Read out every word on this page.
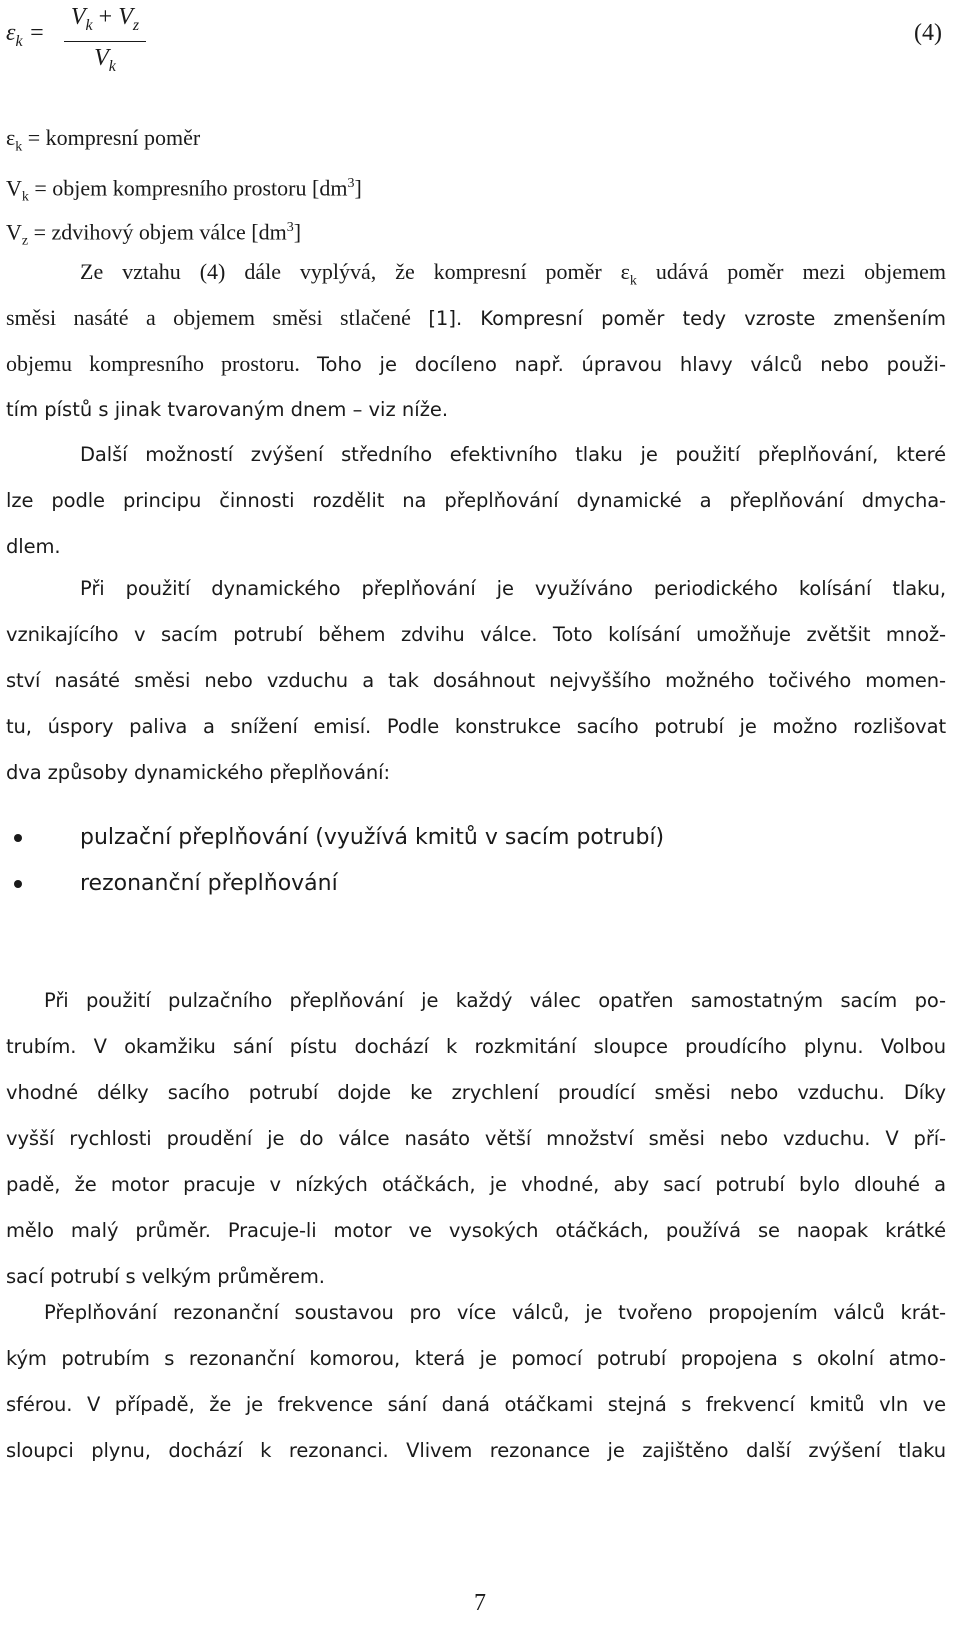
$\varepsilon_k$ =
$V_k + V_z$
$V_k$
(4)
$\varepsilon_k$ = kompresní poměr
$V_k$ = objem kompresního prostoru $[dm^3]$
$V_z$ = zdvihový objem válce $[dm^3]$
Ze vztahu (4) dále vyplývá, že kompresní poměr $\varepsilon_k$ udává poměr mezi objemem
směsi nasáté a objemem směsi stlačené [1]. Kompresní poměr tedy vzroste zmenšením
objemu kompresního prostoru. Toho je docíleno např. úpravou hlavy válců nebo použi-
tím pístů s jinak tvarovaným dnem – viz níže.
Další možností zvýšení středního efektivního tlaku je použití přeplňování, které
lze podle principu činnosti rozdělit na přeplňování dynamické a přeplňování dmycha-
dlem.
Při použití dynamického přeplňování je využíváno periodického kolísání tlaku,
vznikajícího v sacím potrubí během zdvihu válce. Toto kolísání umožňuje zvětšit množ-
ství nasáté směsi nebo vzduchu a tak dosáhnout nejvyššího možného točivého momen-
tu, úspory paliva a snížení emisí. Podle konstrukce sacího potrubí je možno rozlišovat
dva způsoby dynamického přeplňování:
pulzační přeplňování (využívá kmitů v sacím potrubí)
rezonanční přeplňování
Při použití pulzačního přeplňování je každý válec opatřen samostatným sacím po-
trubím. V okamžiku sání pístu dochází k rozkmitání sloupce proudícího plynu. Volbou
vhodné délky sacího potrubí dojde ke zrychlení proudící směsi nebo vzduchu. Díky
vyšší rychlosti proudění je do válce nasáto větší množství směsi nebo vzduchu. V pří-
padě, že motor pracuje v nízkých otáčkách, je vhodné, aby sací potrubí bylo dlouhé a
mělo malý průměr. Pracuje-li motor ve vysokých otáčkách, používá se naopak krátké
sací potrubí s velkým průměrem.
Přeplňování rezonanční soustavou pro více válců, je tvořeno propojením válců krát-
kým potrubím s rezonanční komorou, která je pomocí potrubí propojena s okolní atmo-
sférou. V případě, že je frekvence sání daná otáčkami stejná s frekvencí kmitů vln ve
sloupci plynu, dochází k rezonanci. Vlivem rezonance je zajištěno další zvýšení tlaku
7
